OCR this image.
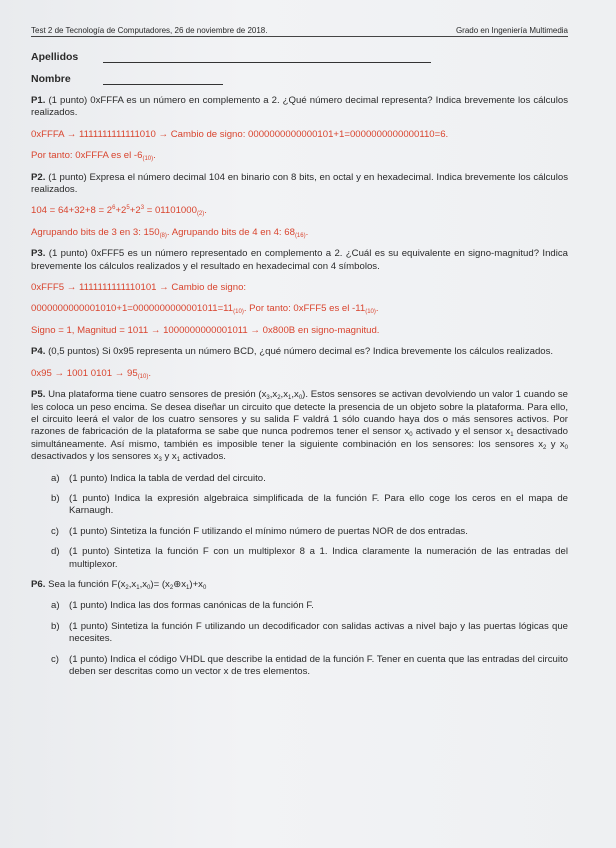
Test 2 de Tecnología de Computadores, 26 de noviembre de 2018.	Grado en Ingeniería Multimedia
Apellidos
Nombre

P1. (1 punto) 0xFFFA es un número en complemento a 2. ¿Qué número decimal representa? Indica brevemente los cálculos realizados.

0xFFFA → 1111111111111010 → Cambio de signo: 0000000000000101+1=0000000000000110=6.

Por tanto: 0xFFFA es el $-6_{(10)}$.

P2. (1 punto) Expresa el número decimal 104 en binario con 8 bits, en octal y en hexadecimal. Indica brevemente los cálculos realizados.

$104 = 64+32+8 = 2^6+2^5+2^3 = 01101000_{(2)}$.

Agrupando bits de 3 en 3: $150_{(8)}$. Agrupando bits de 4 en 4: $68_{(16)}$.

P3. (1 punto) 0xFFF5 es un número representado en complemento a 2. ¿Cuál es su equivalente en signo-magnitud? Indica brevemente los cálculos realizados y el resultado en hexadecimal con 4 símbolos.

0xFFF5 → 1111111111110101 → Cambio de signo:

$0000000000001010+1=0000000000001011=11_{(10)}$. Por tanto: 0xFFF5 es el $-11_{(10)}$.

Signo = 1, Magnitud = 1011 → 1000000000001011 → 0x800B en signo-magnitud.

P4. (0,5 puntos) Si 0x95 representa un número BCD, ¿qué número decimal es? Indica brevemente los cálculos realizados.

0x95 → 1001 $0101 \to 95_{(10)}$.

P5. Una plataforma tiene cuatro sensores de presión $(x_3,x_2,x_1,x_0)$. Estos sensores se activan devolviendo un valor 1 cuando se les coloca un peso encima. Se desea diseñar un circuito que detecte la presencia de un objeto sobre la plataforma. Para ello, el circuito leerá el valor de los cuatro sensores y su salida F valdrá 1 sólo cuando haya dos o más sensores activos. Por razones de fabricación de la plataforma se sabe que nunca podremos tener el sensor $x_0$ activado y el sensor $x_1$ desactivado simultáneamente. Así mismo, también es imposible tener la siguiente combinación en los sensores: los sensores $x_2$ y $x_0$ desactivados y los sensores $x_3$ y $x_1$ activados.

a) (1 punto) Indica la tabla de verdad del circuito.
b) (1 punto) Indica la expresión algebraica simplificada de la función F. Para ello coge los ceros en el mapa de Karnaugh.
c)	(1 punto) Sintetiza la función F utilizando el mínimo número de puertas NOR de dos entradas.
d) (1 punto) Sintetiza la función F con un multiplexor 8 a 1. Indica claramente la numeración de las entradas del multiplexor.

P6. Sea la función $F(x_2,x_1,x_0)=$ $(x_2\oplus x_1)+x_0$

a) (1 punto) Indica las dos formas canónicas de la función F.
b) (1 punto) Sintetiza la función F utilizando un decodificador con salidas activas a nivel bajo y las puertas lógicas que necesites.
c)	(1 punto) Indica el código VHDL que describe la entidad de la función F. Tener en cuenta que las entradas del circuito deben ser descritas como un vector x de tres elementos.
